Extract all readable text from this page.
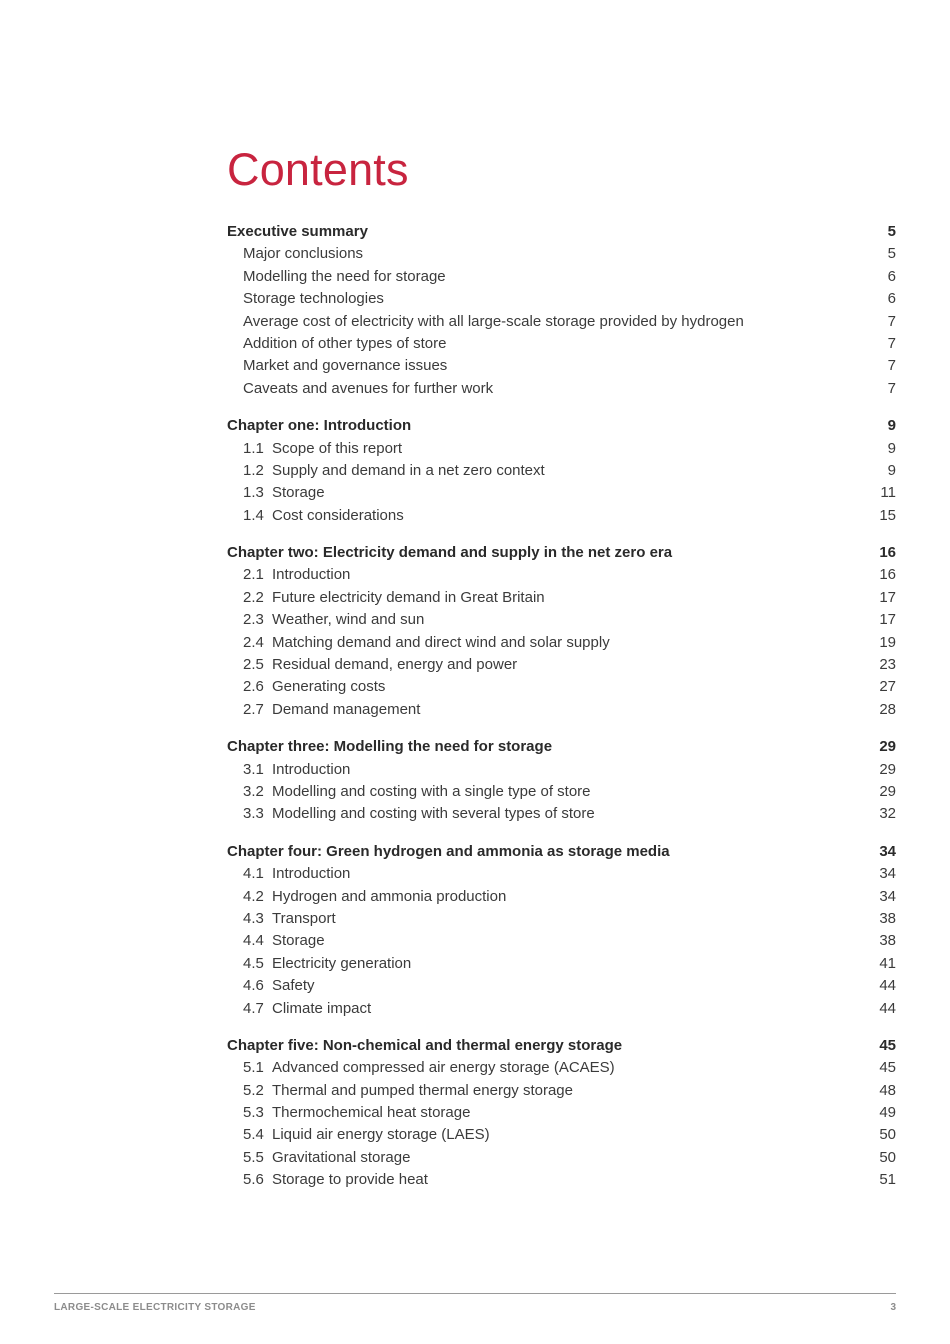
Contents
Executive summary	5
Major conclusions	5
Modelling the need for storage	6
Storage technologies	6
Average cost of electricity with all large-scale storage provided by hydrogen	7
Addition of other types of store	7
Market and governance issues	7
Caveats and avenues for further work	7
Chapter one: Introduction	9
1.1 Scope of this report	9
1.2 Supply and demand in a net zero context	9
1.3 Storage	11
1.4 Cost considerations	15
Chapter two: Electricity demand and supply in the net zero era	16
2.1 Introduction	16
2.2 Future electricity demand in Great Britain	17
2.3 Weather, wind and sun	17
2.4 Matching demand and direct wind and solar supply	19
2.5 Residual demand, energy and power	23
2.6 Generating costs	27
2.7 Demand management	28
Chapter three: Modelling the need for storage	29
3.1 Introduction	29
3.2 Modelling and costing with a single type of store	29
3.3 Modelling and costing with several types of store	32
Chapter four: Green hydrogen and ammonia as storage media	34
4.1 Introduction	34
4.2 Hydrogen and ammonia production	34
4.3 Transport	38
4.4 Storage	38
4.5 Electricity generation	41
4.6 Safety	44
4.7 Climate impact	44
Chapter five: Non-chemical and thermal energy storage	45
5.1 Advanced compressed air energy storage (ACAES)	45
5.2 Thermal and pumped thermal energy storage	48
5.3 Thermochemical heat storage	49
5.4 Liquid air energy storage (LAES)	50
5.5 Gravitational storage	50
5.6 Storage to provide heat	51
LARGE-SCALE ELECTRICITY STORAGE	3
